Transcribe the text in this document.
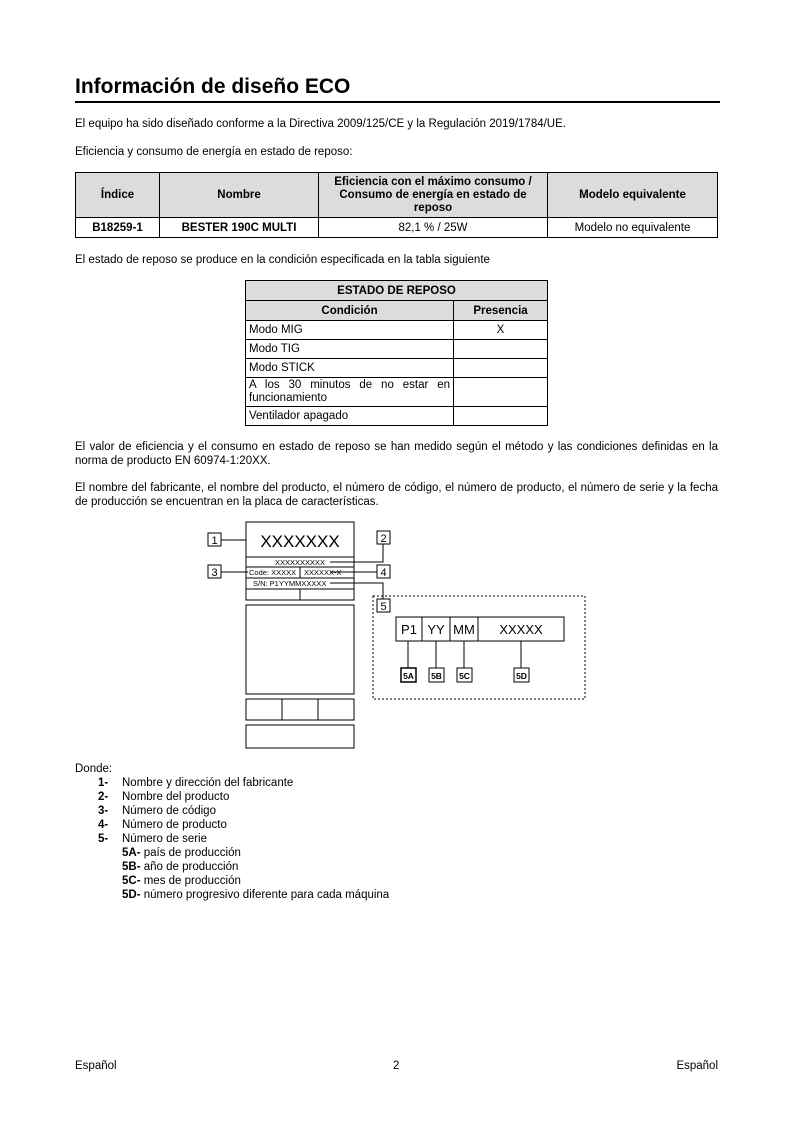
Información de diseño ECO
El equipo ha sido diseñado conforme a la Directiva 2009/125/CE y la Regulación 2019/1784/UE.
Eficiencia y consumo de energía en estado de reposo:
Índice	Nombre	Eficiencia con el máximo consumo / Consumo de energía en estado de reposo	Modelo equivalente
B18259-1	BESTER 190C MULTI	82,1 % / 25W	Modelo no equivalente
El estado de reposo se produce en la condición especificada en la tabla siguiente
ESTADO DE REPOSO	
Condición	Presencia
Modo MIG	X
Modo TIG	
Modo STICK	
A los 30 minutos de no estar en funcionamiento	
Ventilador apagado	
El valor de eficiencia y el consumo en estado de reposo se han medido según el método y las condiciones definidas en la norma de producto EN 60974-1:20XX.
El nombre del fabricante, el nombre del producto, el número de código, el número de producto, el número de serie y la fecha de producción se encuentran en la placa de características.
1	2
3	4
5
XXXXXXX
XXXXXXXXXX
Code: XXXXX XXXXXX-X
S/N: P1YYMMXXXXX
P1 YY MM XXXXX
5A 5B 5C	5D
Donde:
1- Nombre y dirección del fabricante
2- Nombre del producto
3- Número de código
4- Número de producto
5- Número de serie
5A- país de producción
5B- año de producción
5C- mes de producción
5D- número progresivo diferente para cada máquina
Español	2	Español
